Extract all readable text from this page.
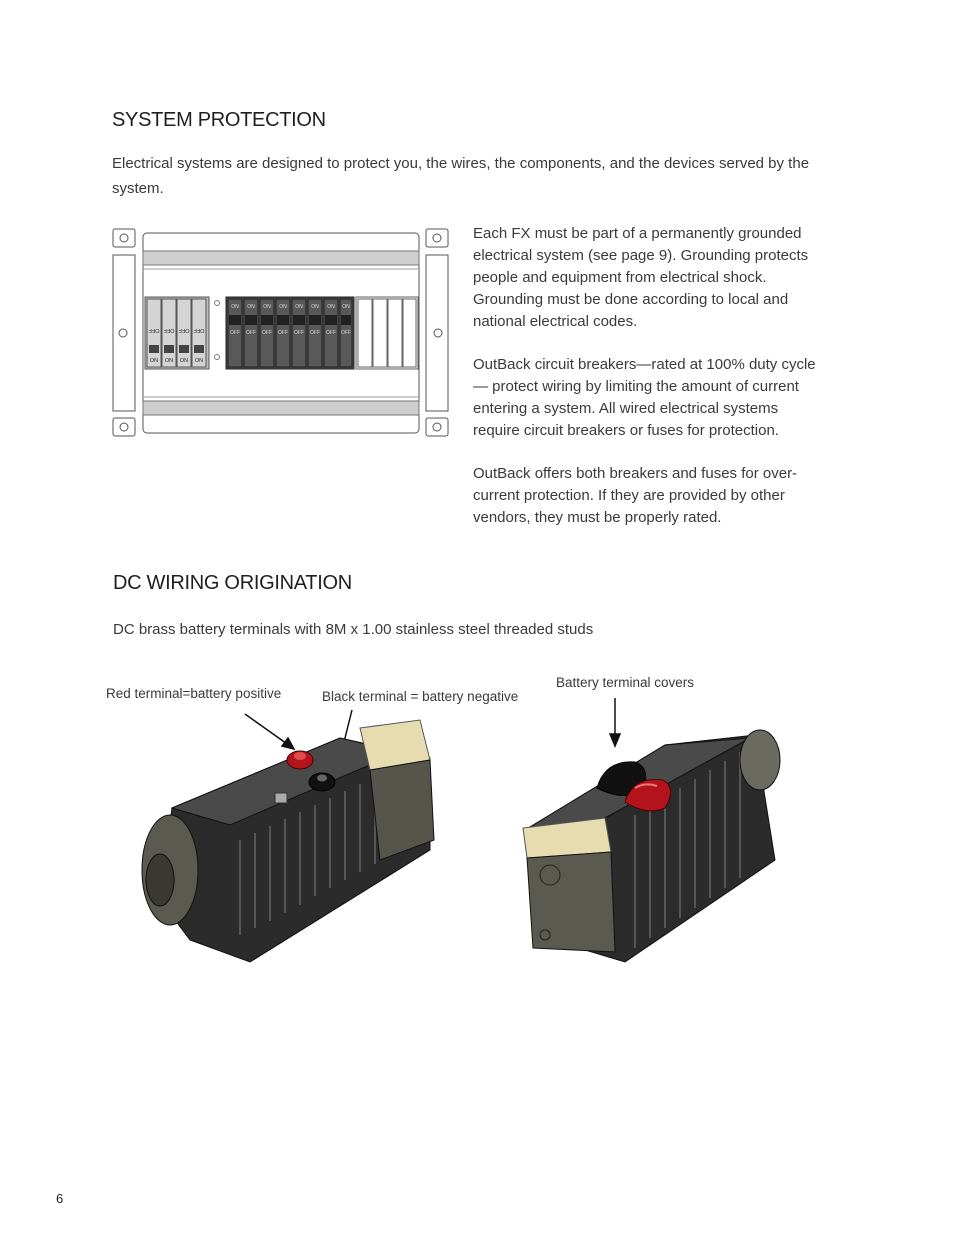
SYSTEM PROTECTION

Electrical systems are designed to protect you, the wires, the components, and the devices served by the system.

OFF OFF OFF OFF
ON ON ON ON
ON ON ON ON ON ON ON ON
OFF OFF OFF OFF OFF OFF OFF OFF

Each FX must be part of a permanently grounded electrical system (see page 9). Grounding protects people and equipment from electrical shock. Grounding must be done according to local and national electrical codes.

OutBack circuit breakers—rated at 100% duty cycle— protect wiring by limiting the amount of current entering a system. All wired electrical systems require circuit breakers or fuses for protection.

OutBack offers both breakers and fuses for over-current protection. If they are provided by other vendors, they must be properly rated.

DC WIRING ORIGINATION

DC brass battery terminals with 8M x 1.00 stainless steel threaded studs

Red terminal=battery positive	Black terminal = battery negative

Battery terminal covers

6
